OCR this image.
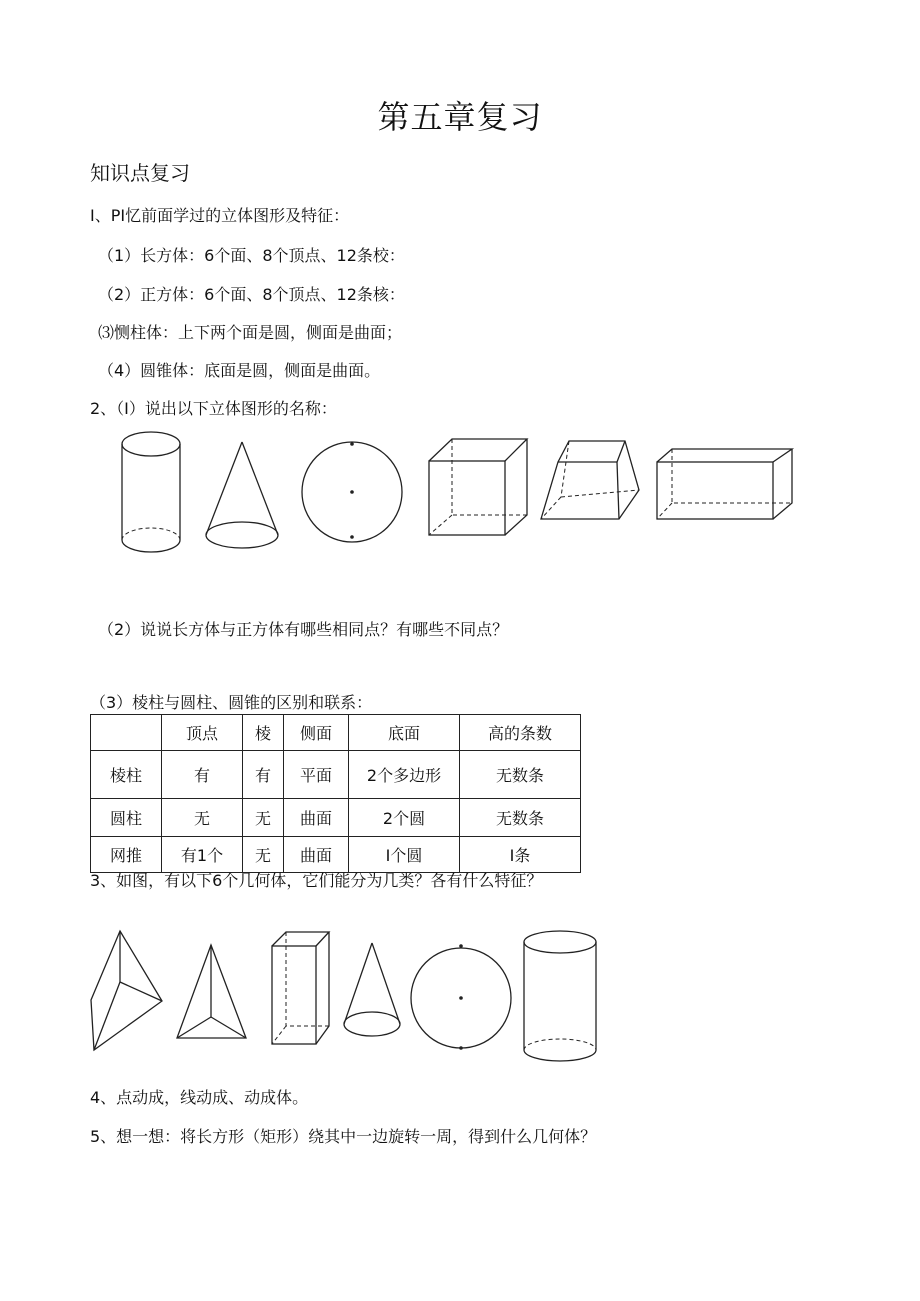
第五章复习
知识点复习
I、PI忆前面学过的立体图形及特征：
（1）长方体：6个面、8个顶点、12条校：
（2）正方体：6个面、8个顶点、12条核：
⑶恻柱体：上下两个面是圆，侧面是曲面；
（4）圆锥体：底面是圆，侧面是曲面。
2、（I）说出以下立体图形的名称：
（2）说说长方体与正方体有哪些相同点？有哪些不同点？
（3）棱柱与圆柱、圆锥的区别和联系：
	顶点	棱	侧面	底面	高的条数
棱柱	有	有	平面	2个多边形	无数条
圆柱	无	无	曲面	2个圆	无数条
网推	有1个	无	曲面	I个圆	I条
3、如图，有以下6个几何体，它们能分为几类？各有什么特征？
4、点动成，线动成、动成体。
5、想一想：将长方形（矩形）绕其中一边旋转一周，得到什么几何体？
